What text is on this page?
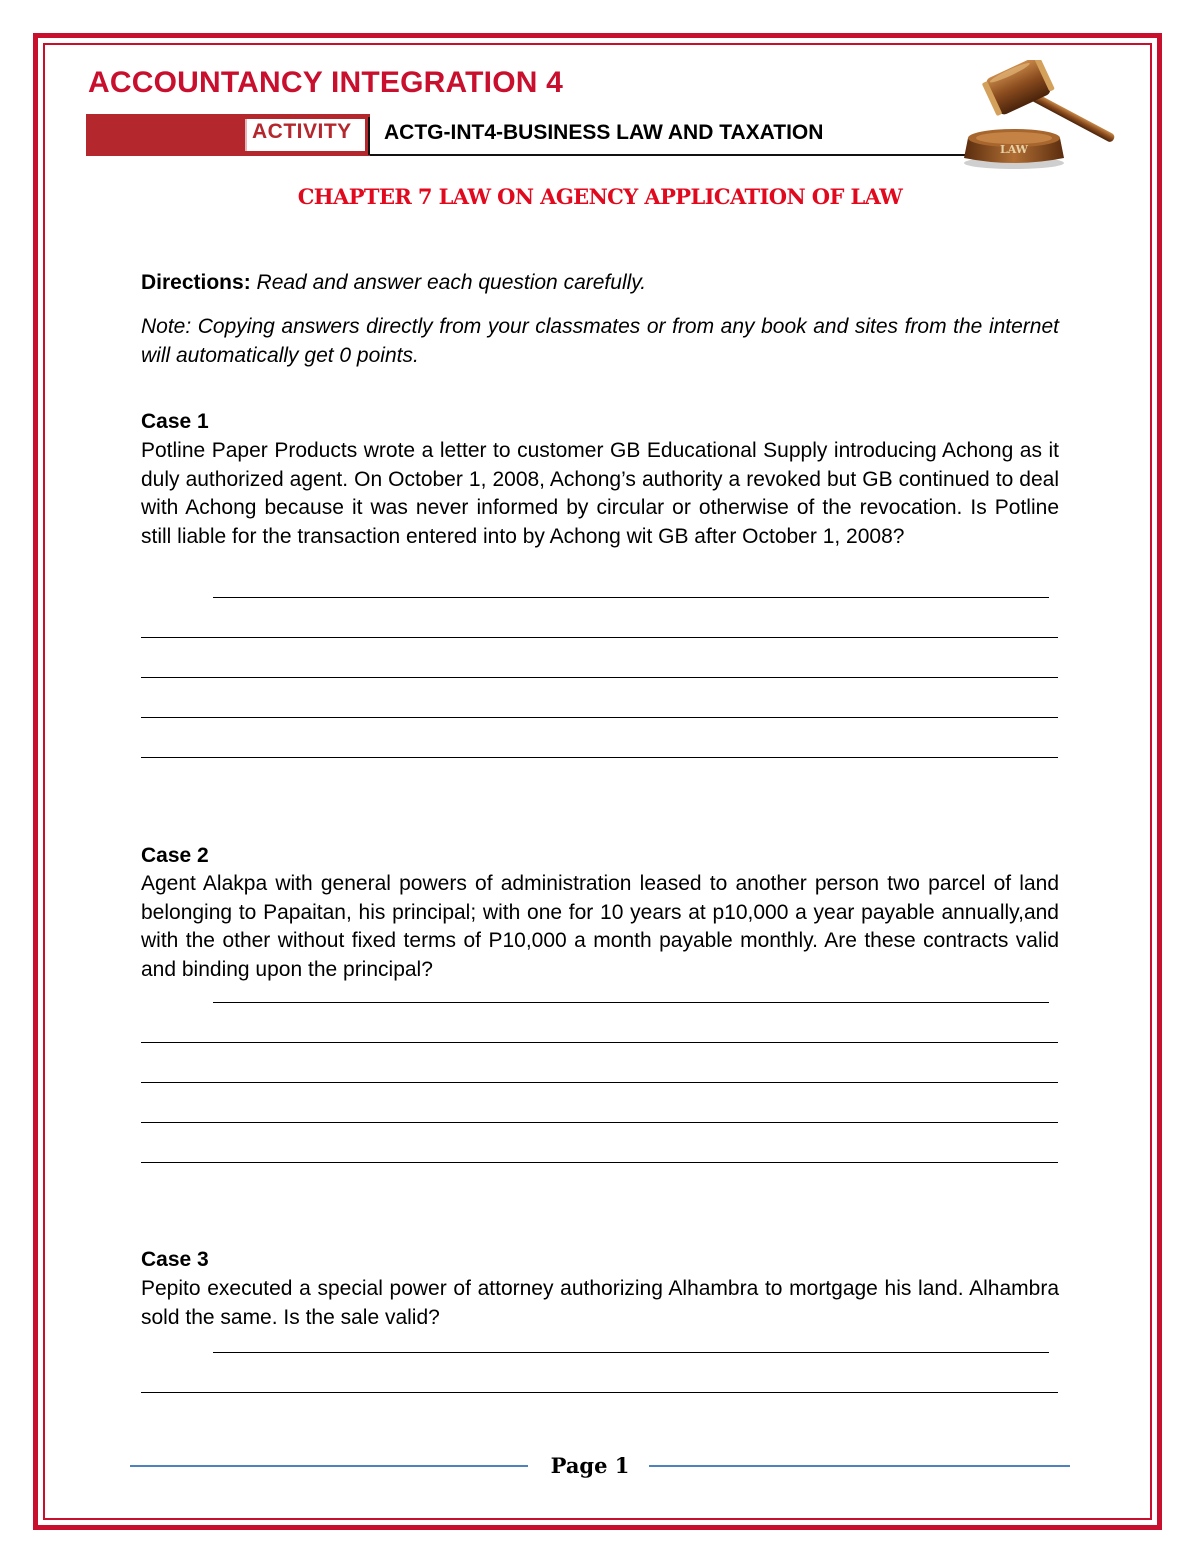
ACCOUNTANCY INTEGRATION 4
ACTIVITY ACTG-INT4-BUSINESS LAW AND TAXATION
LAW
CHAPTER 7 LAW ON AGENCY APPLICATION OF LAW

Directions: Read and answer each question carefully.

Note: Copying answers directly from your classmates or from any book and sites from the internet will automatically get 0 points.

Case 1

Potline Paper Products wrote a letter to customer GB Educational Supply introducing Achong as it duly authorized agent. On October 1, 2008, Achong’s authority a revoked but GB continued to deal with Achong because it was never informed by circular or otherwise of the revocation. Is Potline still liable for the transaction entered into by Achong wit GB after October 1, 2008?

Case 2

Agent Alakpa with general powers of administration leased to another person two parcel of land belonging to Papaitan, his principal; with one for 10 years at p10,000 a year payable annually,and with the other without fixed terms of P10,000 a month payable monthly. Are these contracts valid and binding upon the principal?

Case 3

Pepito executed a special power of attorney authorizing Alhambra to mortgage his land. Alhambra sold the same. Is the sale valid?

Page 1
